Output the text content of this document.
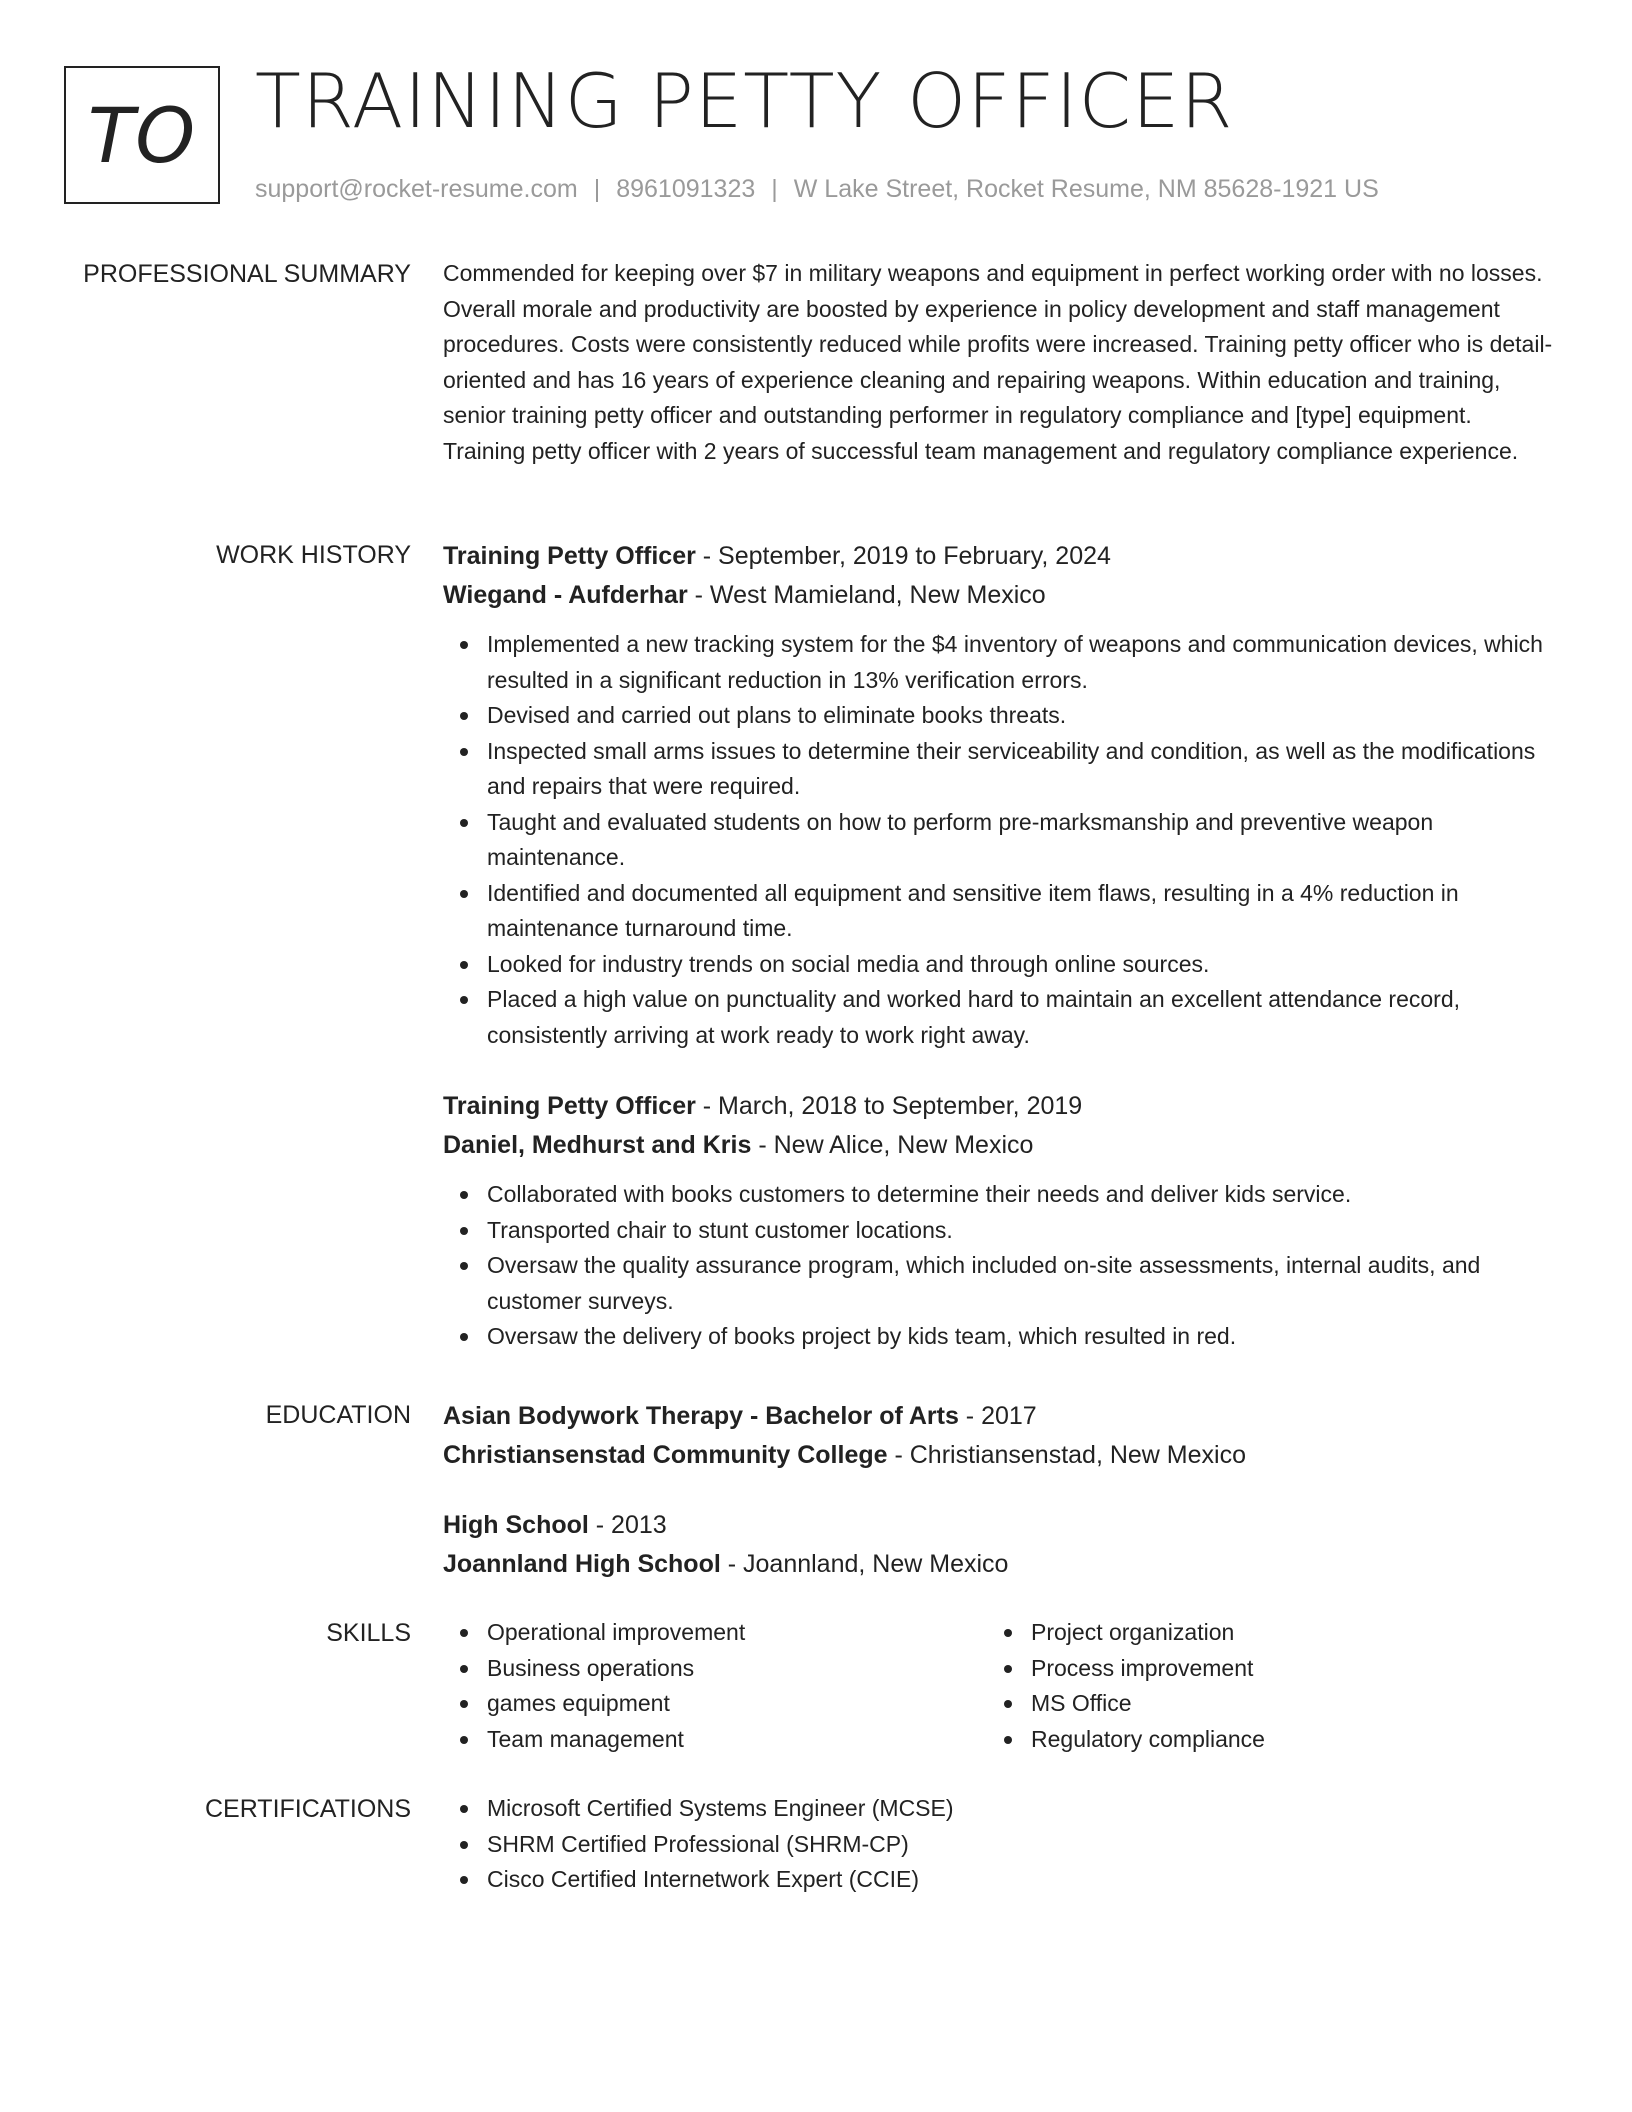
TO TRAINING PETTY OFFICER
support@rocket-resume.com | 8961091323 | W Lake Street, Rocket Resume, NM 85628-1921 US
PROFESSIONAL SUMMARY Commended for keeping over $7 in military weapons and equipment in perfect working order with no losses. Overall morale and productivity are boosted by experience in policy development and staff management procedures. Costs were consistently reduced while profits were increased. Training petty officer who is detail-oriented and has 16 years of experience cleaning and repairing weapons. Within education and training, senior training petty officer and outstanding performer in regulatory compliance and [type] equipment. Training petty officer with 2 years of successful team management and regulatory compliance experience.

WORK HISTORY Training Petty Officer - September, 2019 to February, 2024

Wiegand - Aufderhar - West Mamieland, New Mexico

Implemented a new tracking system for the $4 inventory of weapons and communication devices, which resulted in a significant reduction in 13% verification errors.
Devised and carried out plans to eliminate books threats.
Inspected small arms issues to determine their serviceability and condition, as well as the modifications and repairs that were required.
Taught and evaluated students on how to perform pre-marksmanship and preventive weapon maintenance.
Identified and documented all equipment and sensitive item flaws, resulting in a 4% reduction in maintenance turnaround time.
Looked for industry trends on social media and through online sources.
Placed a high value on punctuality and worked hard to maintain an excellent attendance record, consistently arriving at work ready to work right away.

Training Petty Officer - March, 2018 to September, 2019

Daniel, Medhurst and Kris - New Alice, New Mexico

Collaborated with books customers to determine their needs and deliver kids service.
Transported chair to stunt customer locations.
Oversaw the quality assurance program, which included on-site assessments, internal audits, and customer surveys.
Oversaw the delivery of books project by kids team, which resulted in red.
EDUCATION Asian Bodywork Therapy - Bachelor of Arts - 2017

Christiansenstad Community College - Christiansenstad, New Mexico

High School - 2013

Joannland High School - Joannland, New Mexico

SKILLS	Operational improvement
Business operations
games equipment
Team management
Project organization
Process improvement
MS Office
Regulatory compliance
CERTIFICATIONS	Microsoft Certified Systems Engineer (MCSE)
SHRM Certified Professional (SHRM-CP)
Cisco Certified Internetwork Expert (CCIE)
